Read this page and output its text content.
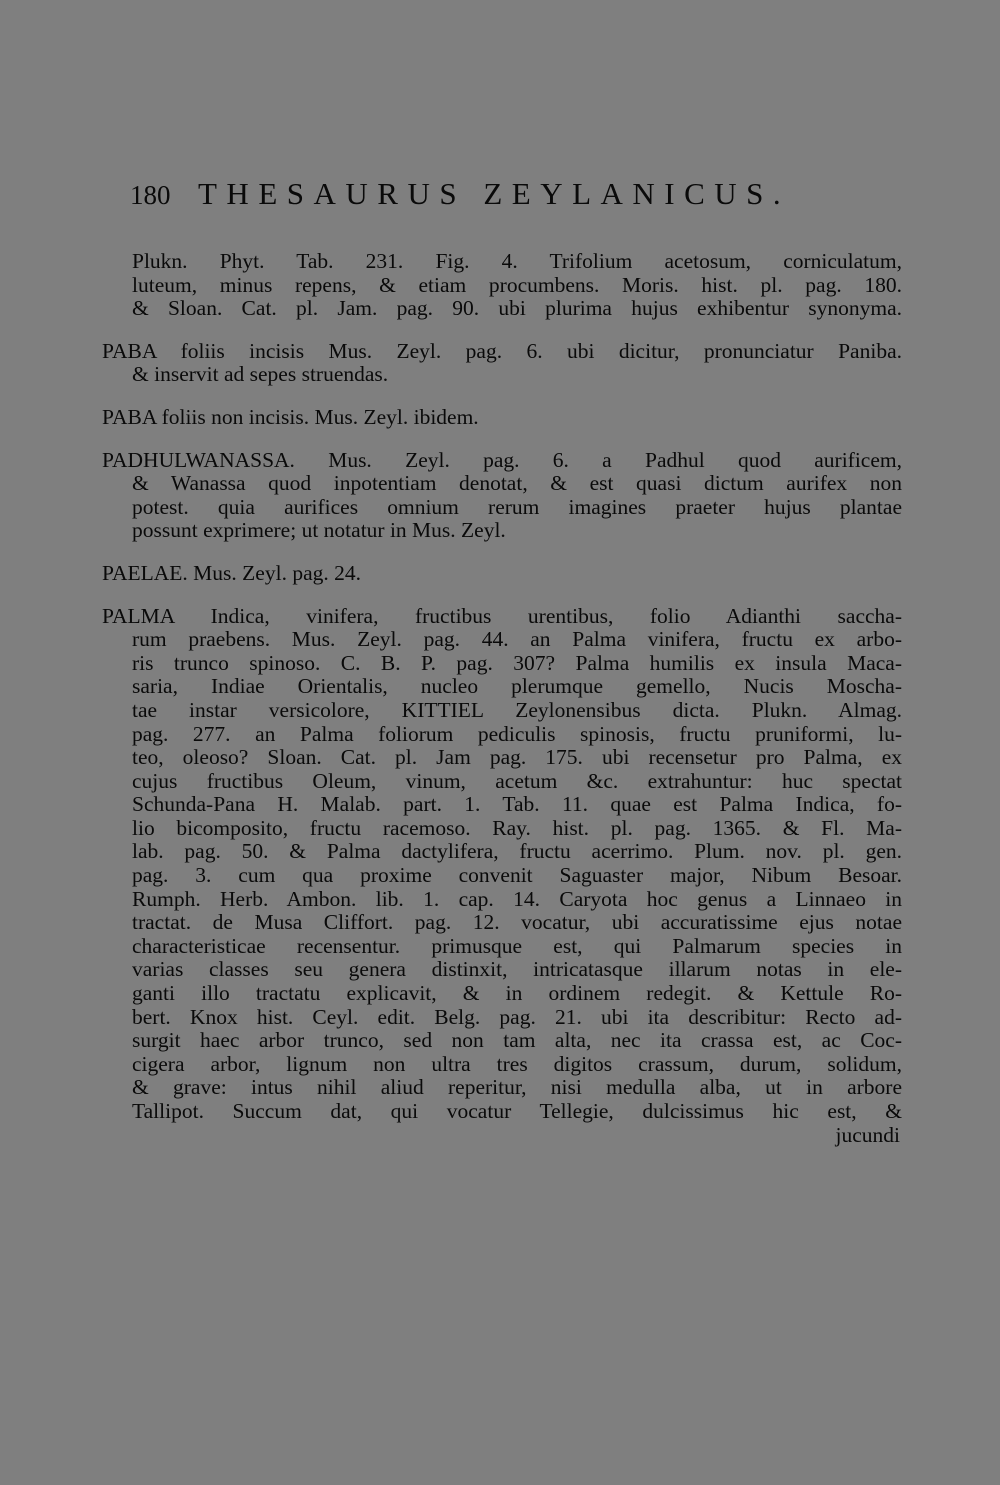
180 THESAURUS ZEYLANICUS.
Plukn. Phyt. Tab. 231. Fig. 4. Trifolium acetosum, corniculatum,
luteum, minus repens, & etiam procumbens. Moris. hist. pl. pag. 180.
& Sloan. Cat. pl. Jam. pag. 90. ubi plurima hujus exhibentur synonyma.
PABA foliis incisis Mus. Zeyl. pag. 6. ubi dicitur, pronunciatur Paniba.
& inservit ad sepes struendas.
PABA foliis non incisis. Mus. Zeyl. ibidem.
PADHULWANASSA. Mus. Zeyl. pag. 6. a Padhul quod aurificem,
& Wanassa quod inpotentiam denotat, & est quasi dictum aurifex non
potest. quia aurifices omnium rerum imagines praeter hujus plantae
possunt exprimere; ut notatur in Mus. Zeyl.
PAELAE. Mus. Zeyl. pag. 24.
PALMA Indica, vinifera, fructibus urentibus, folio Adianthi saccha-
rum praebens. Mus. Zeyl. pag. 44. an Palma vinifera, fructu ex arbo-
ris trunco spinoso. C. B. P. pag. 307? Palma humilis ex insula Maca-
saria, Indiae Orientalis, nucleo plerumque gemello, Nucis Moscha-
tae instar versicolore, KITTIEL Zeylonensibus dicta. Plukn. Almag.
pag. 277. an Palma foliorum pediculis spinosis, fructu pruniformi, lu-
teo, oleoso? Sloan. Cat. pl. Jam pag. 175. ubi recensetur pro Palma, ex
cujus fructibus Oleum, vinum, acetum &c. extrahuntur: huc spectat
Schunda-Pana H. Malab. part. 1. Tab. 11. quae est Palma Indica, fo-
lio bicomposito, fructu racemoso. Ray. hist. pl. pag. 1365. & Fl. Ma-
lab. pag. 50. & Palma dactylifera, fructu acerrimo. Plum. nov. pl. gen.
pag. 3. cum qua proxime convenit Saguaster major, Nibum Besoar.
Rumph. Herb. Ambon. lib. 1. cap. 14. Caryota hoc genus a Linnaeo in
tractat. de Musa Cliffort. pag. 12. vocatur, ubi accuratissime ejus notae
characteristicae recensentur. primusque est, qui Palmarum species in
varias classes seu genera distinxit, intricatasque illarum notas in ele-
ganti illo tractatu explicavit, & in ordinem redegit. & Kettule Ro-
bert. Knox hist. Ceyl. edit. Belg. pag. 21. ubi ita describitur: Recto ad-
surgit haec arbor trunco, sed non tam alta, nec ita crassa est, ac Coc-
cigera arbor, lignum non ultra tres digitos crassum, durum, solidum,
& grave: intus nihil aliud reperitur, nisi medulla alba, ut in arbore
Tallipot. Succum dat, qui vocatur Tellegie, dulcissimus hic est, &
jucundi
